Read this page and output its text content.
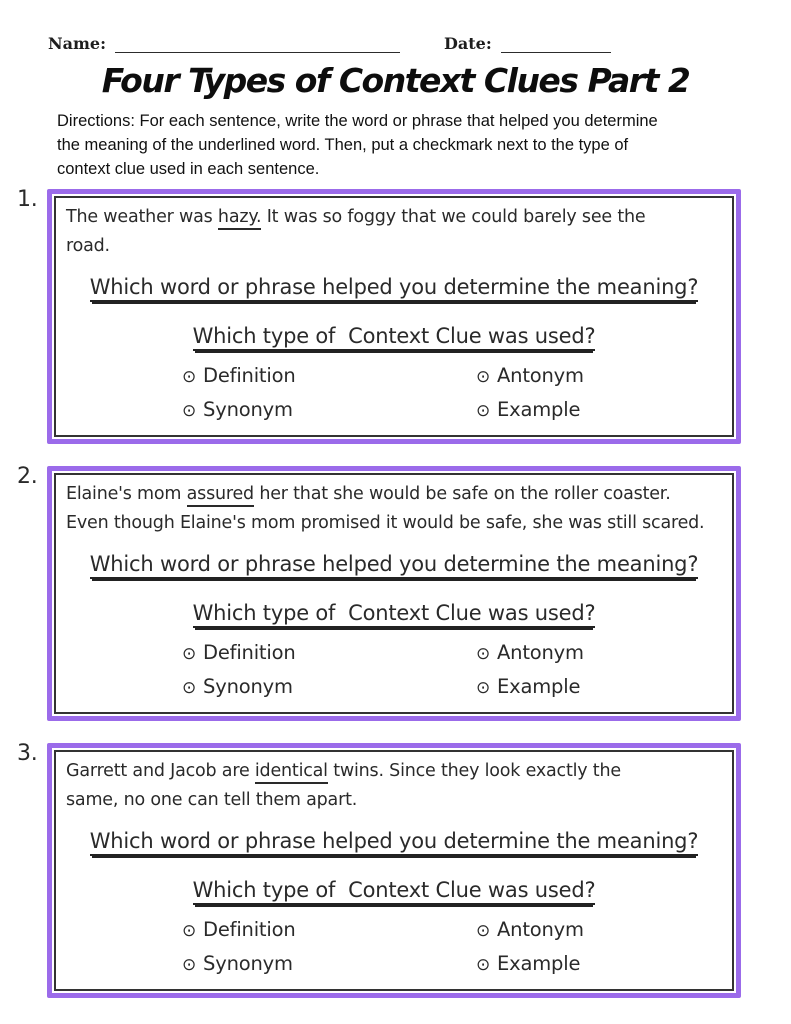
Name:	Date:
Four Types of Context Clues Part 2
Directions: For each sentence, write the word or phrase that helped you determine
the meaning of the underlined word. Then, put a checkmark next to the type of
context clue used in each sentence.
1.
The weather was hazy. It was so foggy that we could barely see the
road.
Which word or phrase helped you determine the meaning?
Which type of  Context Clue was used?
⊙ Definition	⊙ Antonym
⊙ Synonym	⊙ Example
2.
Elaine's mom assured her that she would be safe on the roller coaster.
Even though Elaine's mom promised it would be safe, she was still scared.
Which word or phrase helped you determine the meaning?
Which type of  Context Clue was used?
⊙ Definition	⊙ Antonym
⊙ Synonym	⊙ Example
3.
Garrett and Jacob are identical twins. Since they look exactly the
same, no one can tell them apart.
Which word or phrase helped you determine the meaning?
Which type of  Context Clue was used?
⊙ Definition	⊙ Antonym
⊙ Synonym	⊙ Example
